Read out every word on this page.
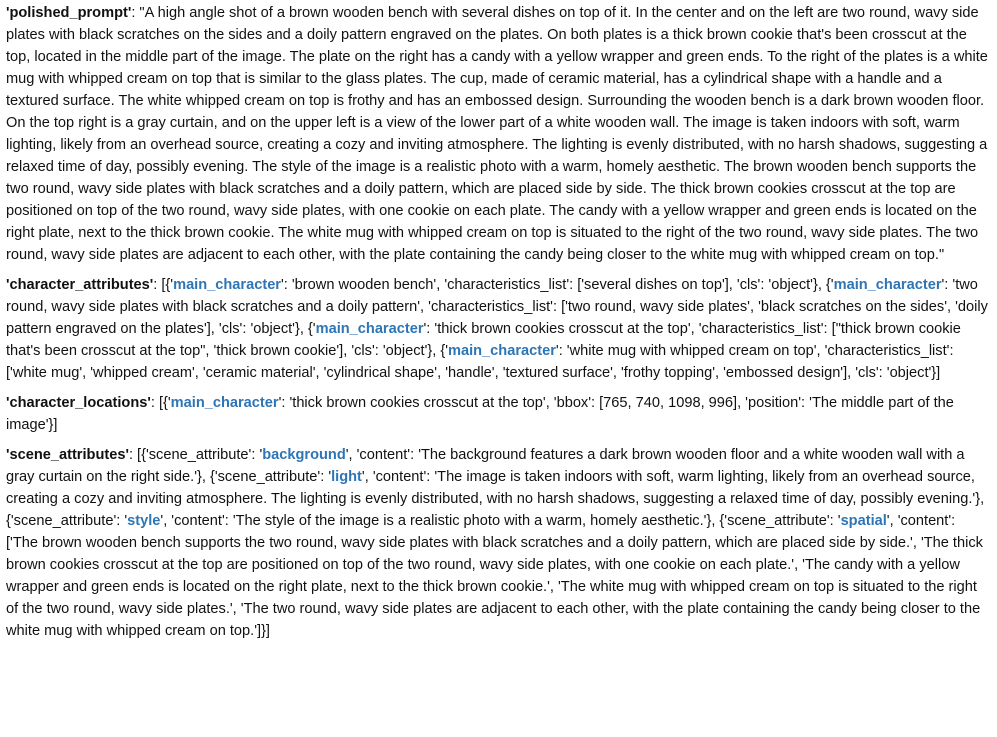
'polished_prompt': "A high angle shot of a brown wooden bench with several dishes on top of it. In the center and on the left are two round, wavy side plates with black scratches on the sides and a doily pattern engraved on the plates. On both plates is a thick brown cookie that's been crosscut at the top, located in the middle part of the image. The plate on the right has a candy with a yellow wrapper and green ends. To the right of the plates is a white mug with whipped cream on top that is similar to the glass plates. The cup, made of ceramic material, has a cylindrical shape with a handle and a textured surface. The white whipped cream on top is frothy and has an embossed design. Surrounding the wooden bench is a dark brown wooden floor. On the top right is a gray curtain, and on the upper left is a view of the lower part of a white wooden wall. The image is taken indoors with soft, warm lighting, likely from an overhead source, creating a cozy and inviting atmosphere. The lighting is evenly distributed, with no harsh shadows, suggesting a relaxed time of day, possibly evening. The style of the image is a realistic photo with a warm, homely aesthetic. The brown wooden bench supports the two round, wavy side plates with black scratches and a doily pattern, which are placed side by side. The thick brown cookies crosscut at the top are positioned on top of the two round, wavy side plates, with one cookie on each plate. The candy with a yellow wrapper and green ends is located on the right plate, next to the thick brown cookie. The white mug with whipped cream on top is situated to the right of the two round, wavy side plates. The two round, wavy side plates are adjacent to each other, with the plate containing the candy being closer to the white mug with whipped cream on top."

'character_attributes': [{'main_character': 'brown wooden bench', 'characteristics_list': ['several dishes on top'], 'cls': 'object'}, {'main_character': 'two round, wavy side plates with black scratches and a doily pattern', 'characteristics_list': ['two round, wavy side plates', 'black scratches on the sides', 'doily pattern engraved on the plates'], 'cls': 'object'}, {'main_character': 'thick brown cookies crosscut at the top', 'characteristics_list': ["thick brown cookie that's been crosscut at the top", 'thick brown cookie'], 'cls': 'object'}, {'main_character': 'white mug with whipped cream on top', 'characteristics_list': ['white mug', 'whipped cream', 'ceramic material', 'cylindrical shape', 'handle', 'textured surface', 'frothy topping', 'embossed design'], 'cls': 'object'}]

'character_locations': [{'main_character': 'thick brown cookies crosscut at the top', 'bbox': [765, 740, 1098, 996], 'position': 'The middle part of the image'}]

'scene_attributes': [{'scene_attribute': 'background', 'content': 'The background features a dark brown wooden floor and a white wooden wall with a gray curtain on the right side.'}, {'scene_attribute': 'light', 'content': 'The image is taken indoors with soft, warm lighting, likely from an overhead source, creating a cozy and inviting atmosphere. The lighting is evenly distributed, with no harsh shadows, suggesting a relaxed time of day, possibly evening.'}, {'scene_attribute': 'style', 'content': 'The style of the image is a realistic photo with a warm, homely aesthetic.'}, {'scene_attribute': 'spatial', 'content': ['The brown wooden bench supports the two round, wavy side plates with black scratches and a doily pattern, which are placed side by side.', 'The thick brown cookies crosscut at the top are positioned on top of the two round, wavy side plates, with one cookie on each plate.', 'The candy with a yellow wrapper and green ends is located on the right plate, next to the thick brown cookie.', 'The white mug with whipped cream on top is situated to the right of the two round, wavy side plates.', 'The two round, wavy side plates are adjacent to each other, with the plate containing the candy being closer to the white mug with whipped cream on top.']}]
